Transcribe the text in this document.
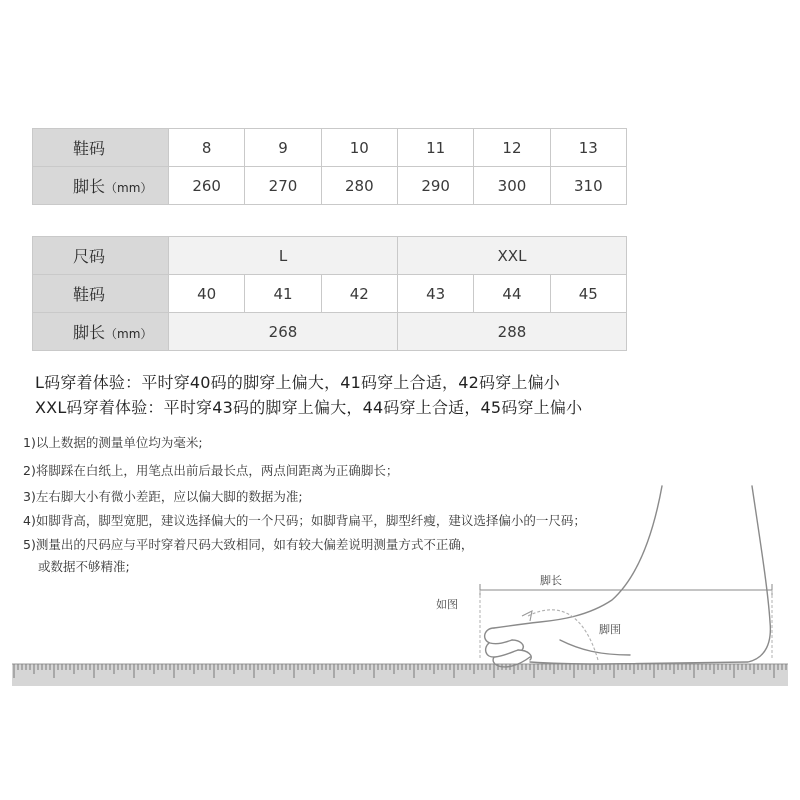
鞋码	8	9	10	11	12	13
脚长（mm）	260	270	280	290	300	310
尺码	L			XXL		
鞋码	40	41	42	43	44	45
脚长（mm）	268			288		
L码穿着体验：平时穿40码的脚穿上偏大，41码穿上合适，42码穿上偏小
XXL码穿着体验：平时穿43码的脚穿上偏大，44码穿上合适，45码穿上偏小
1)以上数据的测量单位均为毫米;
2)将脚踩在白纸上，用笔点出前后最长点，两点间距离为正确脚长；
3)左右脚大小有微小差距，应以偏大脚的数据为准;
4)如脚背高，脚型宽肥，建议选择偏大的一个尺码；如脚背扁平，脚型纤瘦，建议选择偏小的一尺码；
5)测量出的尺码应与平时穿着尺码大致相同，如有较大偏差说明测量方式不正确，
或数据不够精准;
脚长
如图
脚围
